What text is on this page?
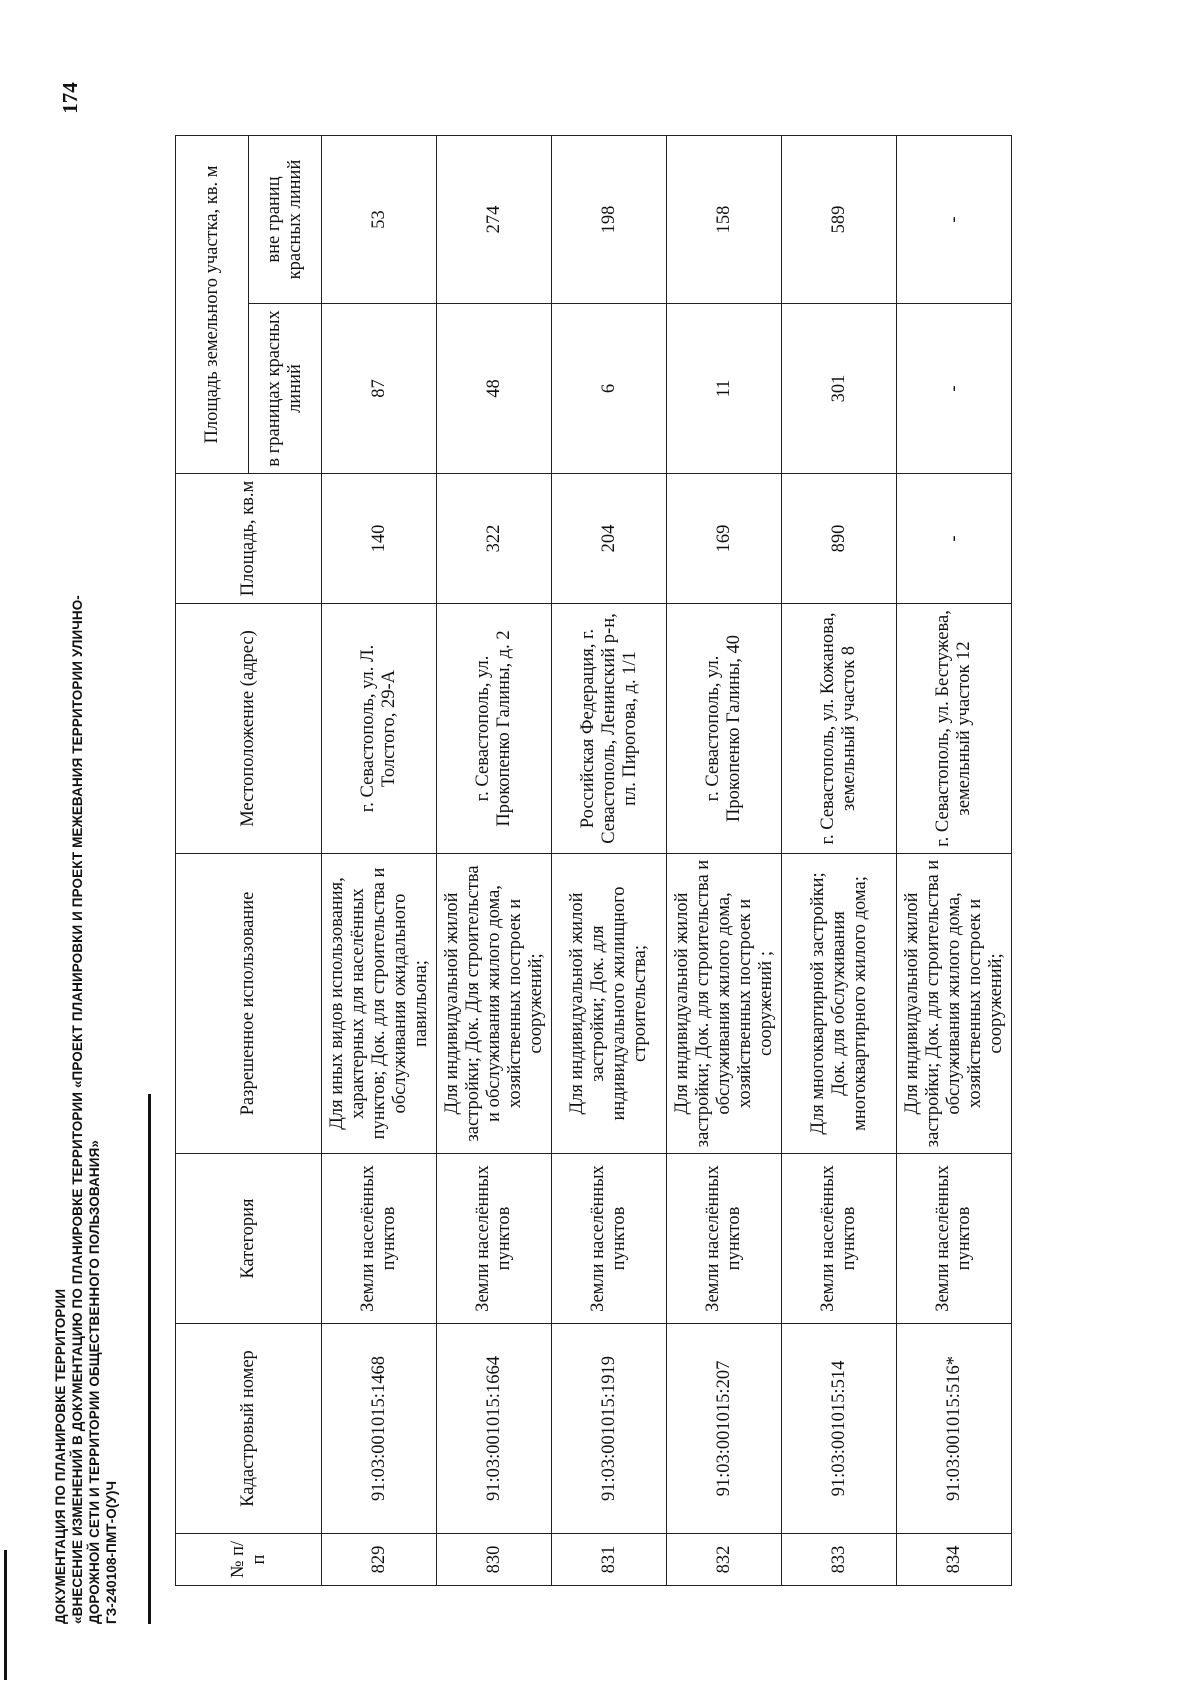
174
ДОКУМЕНТАЦИЯ ПО ПЛАНИРОВКЕ ТЕРРИТОРИИ «ВНЕСЕНИЕ ИЗМЕНЕНИЙ В ДОКУМЕНТАЦИЮ ПО ПЛАНИРОВКЕ ТЕРРИТОРИИ «ПРОЕКТ ПЛАНИРОВКИ И ПРОЕКТ МЕЖЕВАНИЯ ТЕРРИТОРИИ УЛИЧНО- ДОРОЖНОЙ СЕТИ И ТЕРРИТОРИИ ОБЩЕСТВЕННОГО ПОЛЬЗОВАНИЯ» ГЗ-240108-ПМТ-О(У)Ч	№ п/п	Кадастровый номер	Категория	Разрешенное использование	Местоположение (адрес)	Площадь, кв.м	Площадь земельного участка, кв. м	
						в границах красных линий	вне границ красных линий
829	91:03:001015:1468	Земли населённых пунктов	Для иных видов использования, характерных для населённых пунктов; Док. для строительства и обслуживания ожидального павильона;	г. Севастополь, ул. Л. Толстого, 29-А	140	87	53
830	91:03:001015:1664	Земли населённых пунктов	Для индивидуальной жилой застройки; Док. Для строительства и обслуживания жилого дома, хозяйственных построек и сооружений;	г. Севастополь, ул. Прокопенко Галины, д. 2	322	48	274
831	91:03:001015:1919	Земли населённых пунктов	Для индивидуальной жилой застройки; Док. для индивидуального жилищного строительства;	Российская Федерация, г. Севастополь, Ленинский р-н, пл. Пирогова, д. 1/1	204	6	198
832	91:03:001015:207	Земли населённых пунктов	Для индивидуальной жилой застройки; Док. для строительства и обслуживания жилого дома, хозяйственных построек и сооружений ;	г. Севастополь, ул. Прокопенко Галины, 40	169	11	158
833	91:03:001015:514	Земли населённых пунктов	Для многоквартирной застройки; Док. для обслуживания многоквартирного жилого дома;	г. Севастополь, ул. Кожанова, земельный участок 8	890	301	589
834	91:03:001015:516*	Земли населённых пунктов	Для индивидуальной жилой застройки; Док. для строительства и обслуживания жилого дома, хозяйственных построек и сооружений;	г. Севастополь, ул. Бестужева, земельный участок 12	-	-	-
